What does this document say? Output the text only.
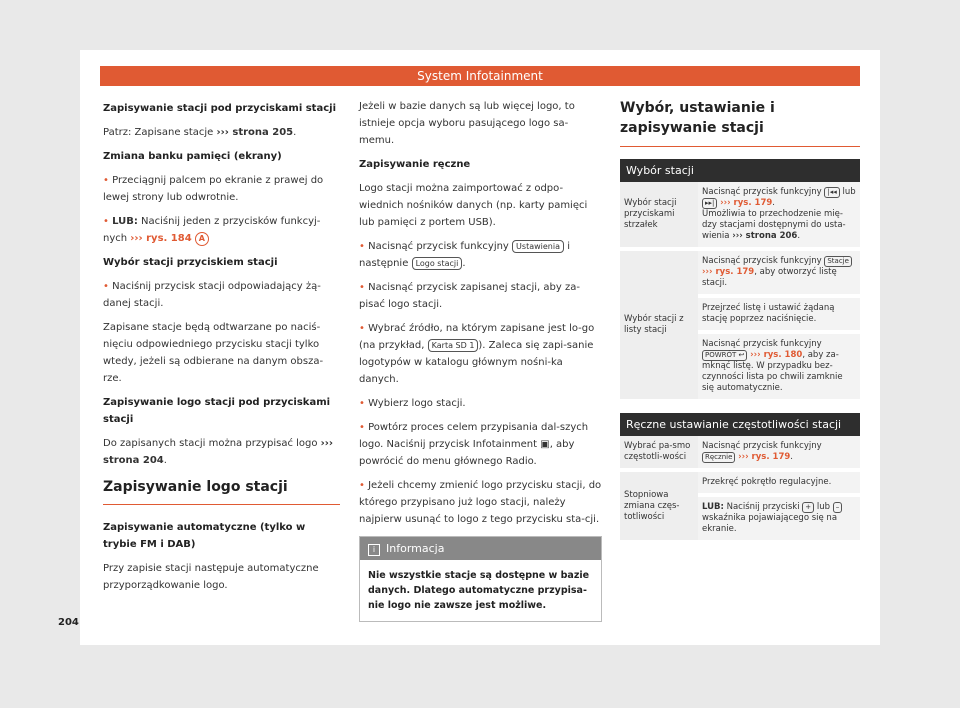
System Infotainment

Zapisywanie stacji pod przyciskami stacji

Patrz: Zapisane stacje ››› strona 205.

Zmiana banku pamięci (ekrany)

• Przeciągnij palcem po ekranie z prawej do lewej strony lub odwrotnie.

• LUB: Naciśnij jeden z przycisków funkcyj-nych ››› rys. 184 A

Wybór stacji przyciskiem stacji

• Naciśnij przycisk stacji odpowiadający żą-danej stacji.

Zapisane stacje będą odtwarzane po naciś-nięciu odpowiedniego przycisku stacji tylko wtedy, jeżeli są odbierane na danym obsza-rze.

Zapisywanie logo stacji pod przyciskami stacji

Do zapisanych stacji można przypisać logo ››› strona 204.

Zapisywanie logo stacji

Zapisywanie automatyczne (tylko w trybie FM i DAB)

Przy zapisie stacji następuje automatyczne przyporządkowanie logo.

Jeżeli w bazie danych są lub więcej logo, to istnieje opcja wyboru pasującego logo sa-memu.

Zapisywanie ręczne

Logo stacji można zaimportować z odpo-wiednich nośników danych (np. karty pamięci lub pamięci z portem USB).

• Nacisnąć przycisk funkcyjny Ustawienia i następnie Logo stacji .

• Nacisnąć przycisk zapisanej stacji, aby za-pisać logo stacji.

• Wybrać źródło, na którym zapisane jest lo-go (na przykład, Karta SD 1 ). Zaleca się zapi-sanie logotypów w katalogu głównym nośni-ka danych.

• Wybierz logo stacji.

• Powtórz proces celem przypisania dal-szych logo. Naciśnij przycisk Infotainment ▣, aby powrócić do menu głównego Radio.

• Jeżeli chcemy zmienić logo przycisku stacji, do którego przypisano już logo stacji, należy najpierw usunąć to logo z tego przycisku sta-cji.

i Informacja
Nie wszystkie stacje są dostępne w bazie danych. Dlatego automatyczne przypisa-nie logo nie zawsze jest możliwe.
Wybór, ustawianie i zapisywanie stacji
Wybór stacji	
Wybór stacji przyciskami strzałek	Nacisnąć przycisk funkcyjny |◂◂ lub ▸▸| ››› rys. 179.
Umożliwia to przechodzenie mię-dzy stacjami dostępnymi do usta-wienia ››› strona 206.
Wybór stacji z listy stacji	Nacisnąć przycisk funkcyjny Stacje ››› rys. 179, aby otworzyć listę stacji.
	Przejrzeć listę i ustawić żądaną stację poprzez naciśnięcie.
	Nacisnąć przycisk funkcyjny POWRÓT ↩ ››› rys. 180, aby za-mknąć listę. W przypadku bez-czynności lista po chwili zamknie się automatycznie.
Ręczne ustawianie częstotliwości stacji	
Wybrać pa-smo częstotli-wości	Nacisnąć przycisk funkcyjny Ręcznie ››› rys. 179.
Stopniowa zmiana częs-totliwości	Przekręć pokrętło regulacyjne.
	LUB: Naciśnij przyciski + lub – wskaźnika pojawiającego się na ekranie.
204
